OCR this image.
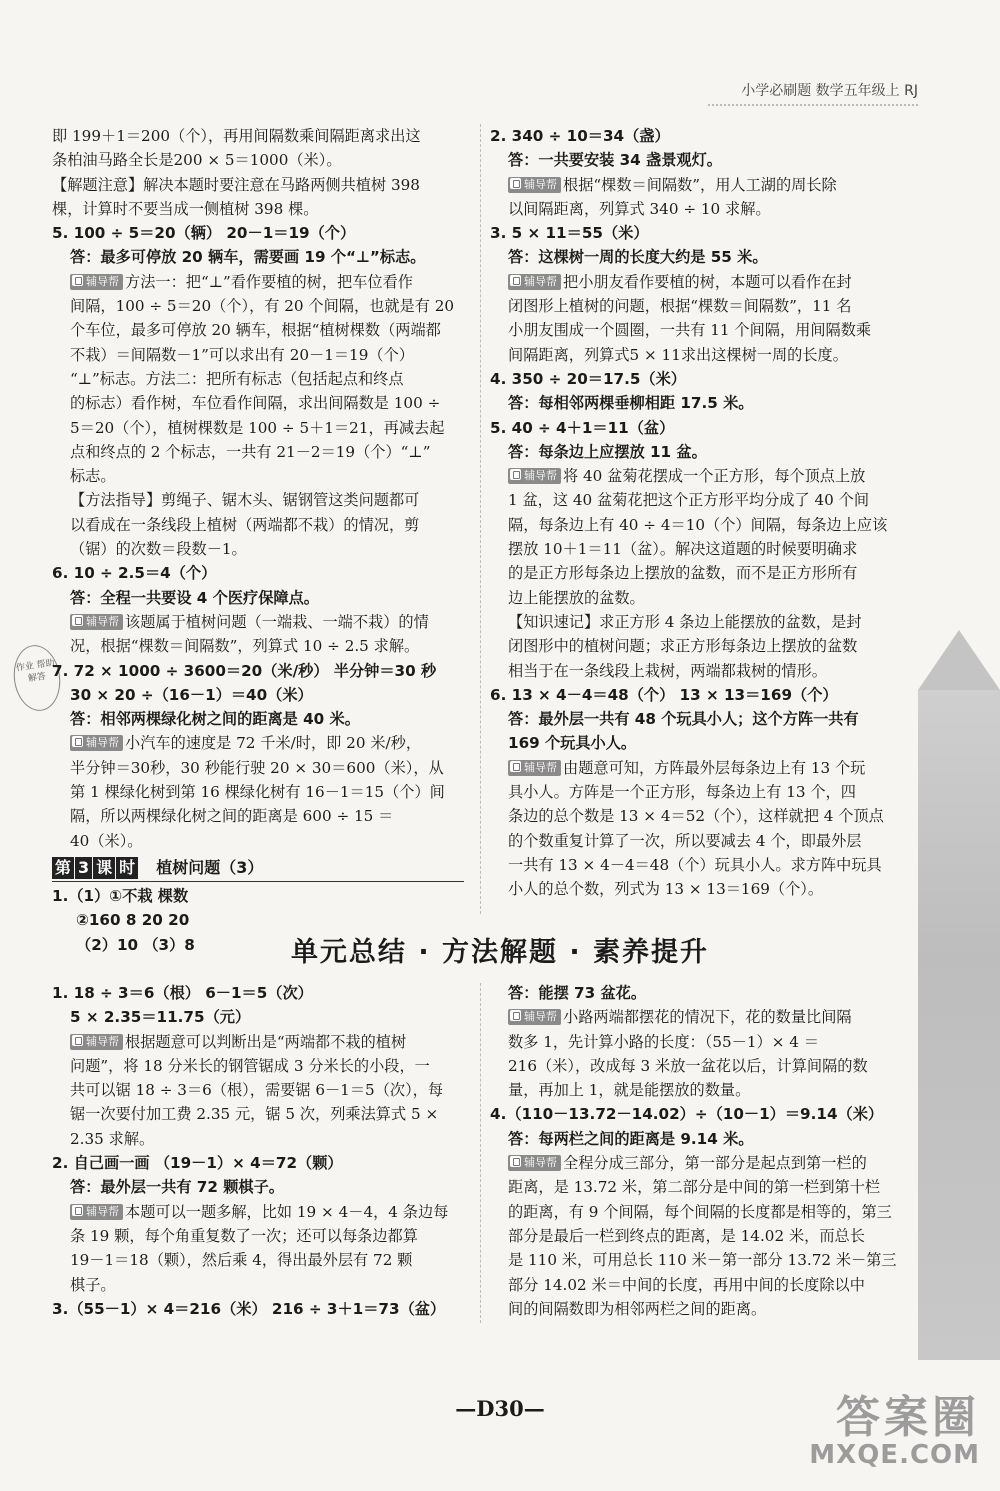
小学必刷题 数学五年级上 RJ
作业 帮助 解答
即 199＋1＝200（个），再用间隔数乘间隔距离求出这
条柏油马路全长是200 × 5＝1000（米）。
【解题注意】解决本题时要注意在马路两侧共植树 398
棵，计算时不要当成一侧植树 398 棵。
5. 100 ÷ 5＝20（辆） 20－1＝19（个）
答：最多可停放 20 辆车，需要画 19 个“⊥”标志。
辅导帮 方法一：把“⊥”看作要植的树，把车位看作
间隔，100 ÷ 5＝20（个），有 20 个间隔，也就是有 20
个车位，最多可停放 20 辆车，根据“植树棵数（两端都
不栽）＝间隔数－1”可以求出有 20－1＝19（个）
“⊥”标志。方法二：把所有标志（包括起点和终点
的标志）看作树，车位看作间隔，求出间隔数是 100 ÷
5＝20（个），植树棵数是 100 ÷ 5＋1＝21，再减去起
点和终点的 2 个标志，一共有 21－2＝19（个）“⊥”
标志。
【方法指导】剪绳子、锯木头、锯钢管这类问题都可
以看成在一条线段上植树（两端都不栽）的情况，剪
（锯）的次数＝段数－1。
6. 10 ÷ 2.5＝4（个）
答：全程一共要设 4 个医疗保障点。
辅导帮 该题属于植树问题（一端栽、一端不栽）的情
况，根据“棵数＝间隔数”，列算式 10 ÷ 2.5 求解。
7. 72 × 1000 ÷ 3600＝20（米/秒） 半分钟＝30 秒
30 × 20 ÷（16－1）＝40（米）
答：相邻两棵绿化树之间的距离是 40 米。
辅导帮 小汽车的速度是 72 千米/时，即 20 米/秒，
半分钟＝30秒，30 秒能行驶 20 × 30＝600（米），从
第 1 棵绿化树到第 16 棵绿化树有 16－1＝15（个）间
隔，所以两棵绿化树之间的距离是 600 ÷ 15 ＝
40（米）。
第 3 课 时 植树问题（3）
1.（1）①不栽 棵数
②160 8 20 20
（2）10 （3）8
2. 340 ÷ 10＝34（盏）
答：一共要安装 34 盏景观灯。
辅导帮 根据“棵数＝间隔数”，用人工湖的周长除
以间隔距离，列算式 340 ÷ 10 求解。
3. 5 × 11＝55（米）
答：这棵树一周的长度大约是 55 米。
辅导帮 把小朋友看作要植的树，本题可以看作在封
闭图形上植树的问题，根据“棵数＝间隔数”，11 名
小朋友围成一个圆圈，一共有 11 个间隔，用间隔数乘
间隔距离，列算式5 × 11求出这棵树一周的长度。
4. 350 ÷ 20＝17.5（米）
答：每相邻两棵垂柳相距 17.5 米。
5. 40 ÷ 4＋1＝11（盆）
答：每条边上应摆放 11 盆。
辅导帮 将 40 盆菊花摆成一个正方形，每个顶点上放
1 盆，这 40 盆菊花把这个正方形平均分成了 40 个间
隔，每条边上有 40 ÷ 4＝10（个）间隔，每条边上应该
摆放 10＋1＝11（盆）。解决这道题的时候要明确求
的是正方形每条边上摆放的盆数，而不是正方形所有
边上能摆放的盆数。
【知识速记】求正方形 4 条边上能摆放的盆数，是封
闭图形中的植树问题；求正方形每条边上摆放的盆数
相当于在一条线段上栽树，两端都栽树的情形。
6. 13 × 4－4＝48（个） 13 × 13＝169（个）
答：最外层一共有 48 个玩具小人；这个方阵一共有
169 个玩具小人。
辅导帮 由题意可知，方阵最外层每条边上有 13 个玩
具小人。方阵是一个正方形，每条边上有 13 个，四
条边的总个数是 13 × 4＝52（个），这样就把 4 个顶点
的个数重复计算了一次，所以要减去 4 个，即最外层
一共有 13 × 4－4＝48（个）玩具小人。求方阵中玩具
小人的总个数，列式为 13 × 13＝169（个）。
单元总结 · 方法解题 · 素养提升
1. 18 ÷ 3＝6（根） 6－1＝5（次）
5 × 2.35＝11.75（元）
辅导帮 根据题意可以判断出是“两端都不栽的植树
问题”，将 18 分米长的钢管锯成 3 分米长的小段，一
共可以锯 18 ÷ 3＝6（根），需要锯 6－1＝5（次），每
锯一次要付加工费 2.35 元，锯 5 次，列乘法算式 5 ×
2.35 求解。
2. 自己画一画 （19－1）× 4＝72（颗）
答：最外层一共有 72 颗棋子。
辅导帮 本题可以一题多解，比如 19 × 4－4，4 条边每
条 19 颗，每个角重复数了一次；还可以每条边都算
19－1＝18（颗），然后乘 4，得出最外层有 72 颗
棋子。
3.（55－1）× 4＝216（米） 216 ÷ 3＋1＝73（盆）
答：能摆 73 盆花。
辅导帮 小路两端都摆花的情况下，花的数量比间隔
数多 1，先计算小路的长度：（55－1）× 4 ＝
216（米），改成每 3 米放一盆花以后，计算间隔的数
量，再加上 1，就是能摆放的数量。
4.（110－13.72－14.02）÷（10－1）＝9.14（米）
答：每两栏之间的距离是 9.14 米。
辅导帮 全程分成三部分，第一部分是起点到第一栏的
距离，是 13.72 米，第二部分是中间的第一栏到第十栏
的距离，有 9 个间隔，每个间隔的长度都是相等的，第三
部分是最后一栏到终点的距离，是 14.02 米，而总长
是 110 米，可用总长 110 米－第一部分 13.72 米－第三
部分 14.02 米＝中间的长度，再用中间的长度除以中
间的间隔数即为相邻两栏之间的距离。
—D30—	答案圈
MXQE.COM
